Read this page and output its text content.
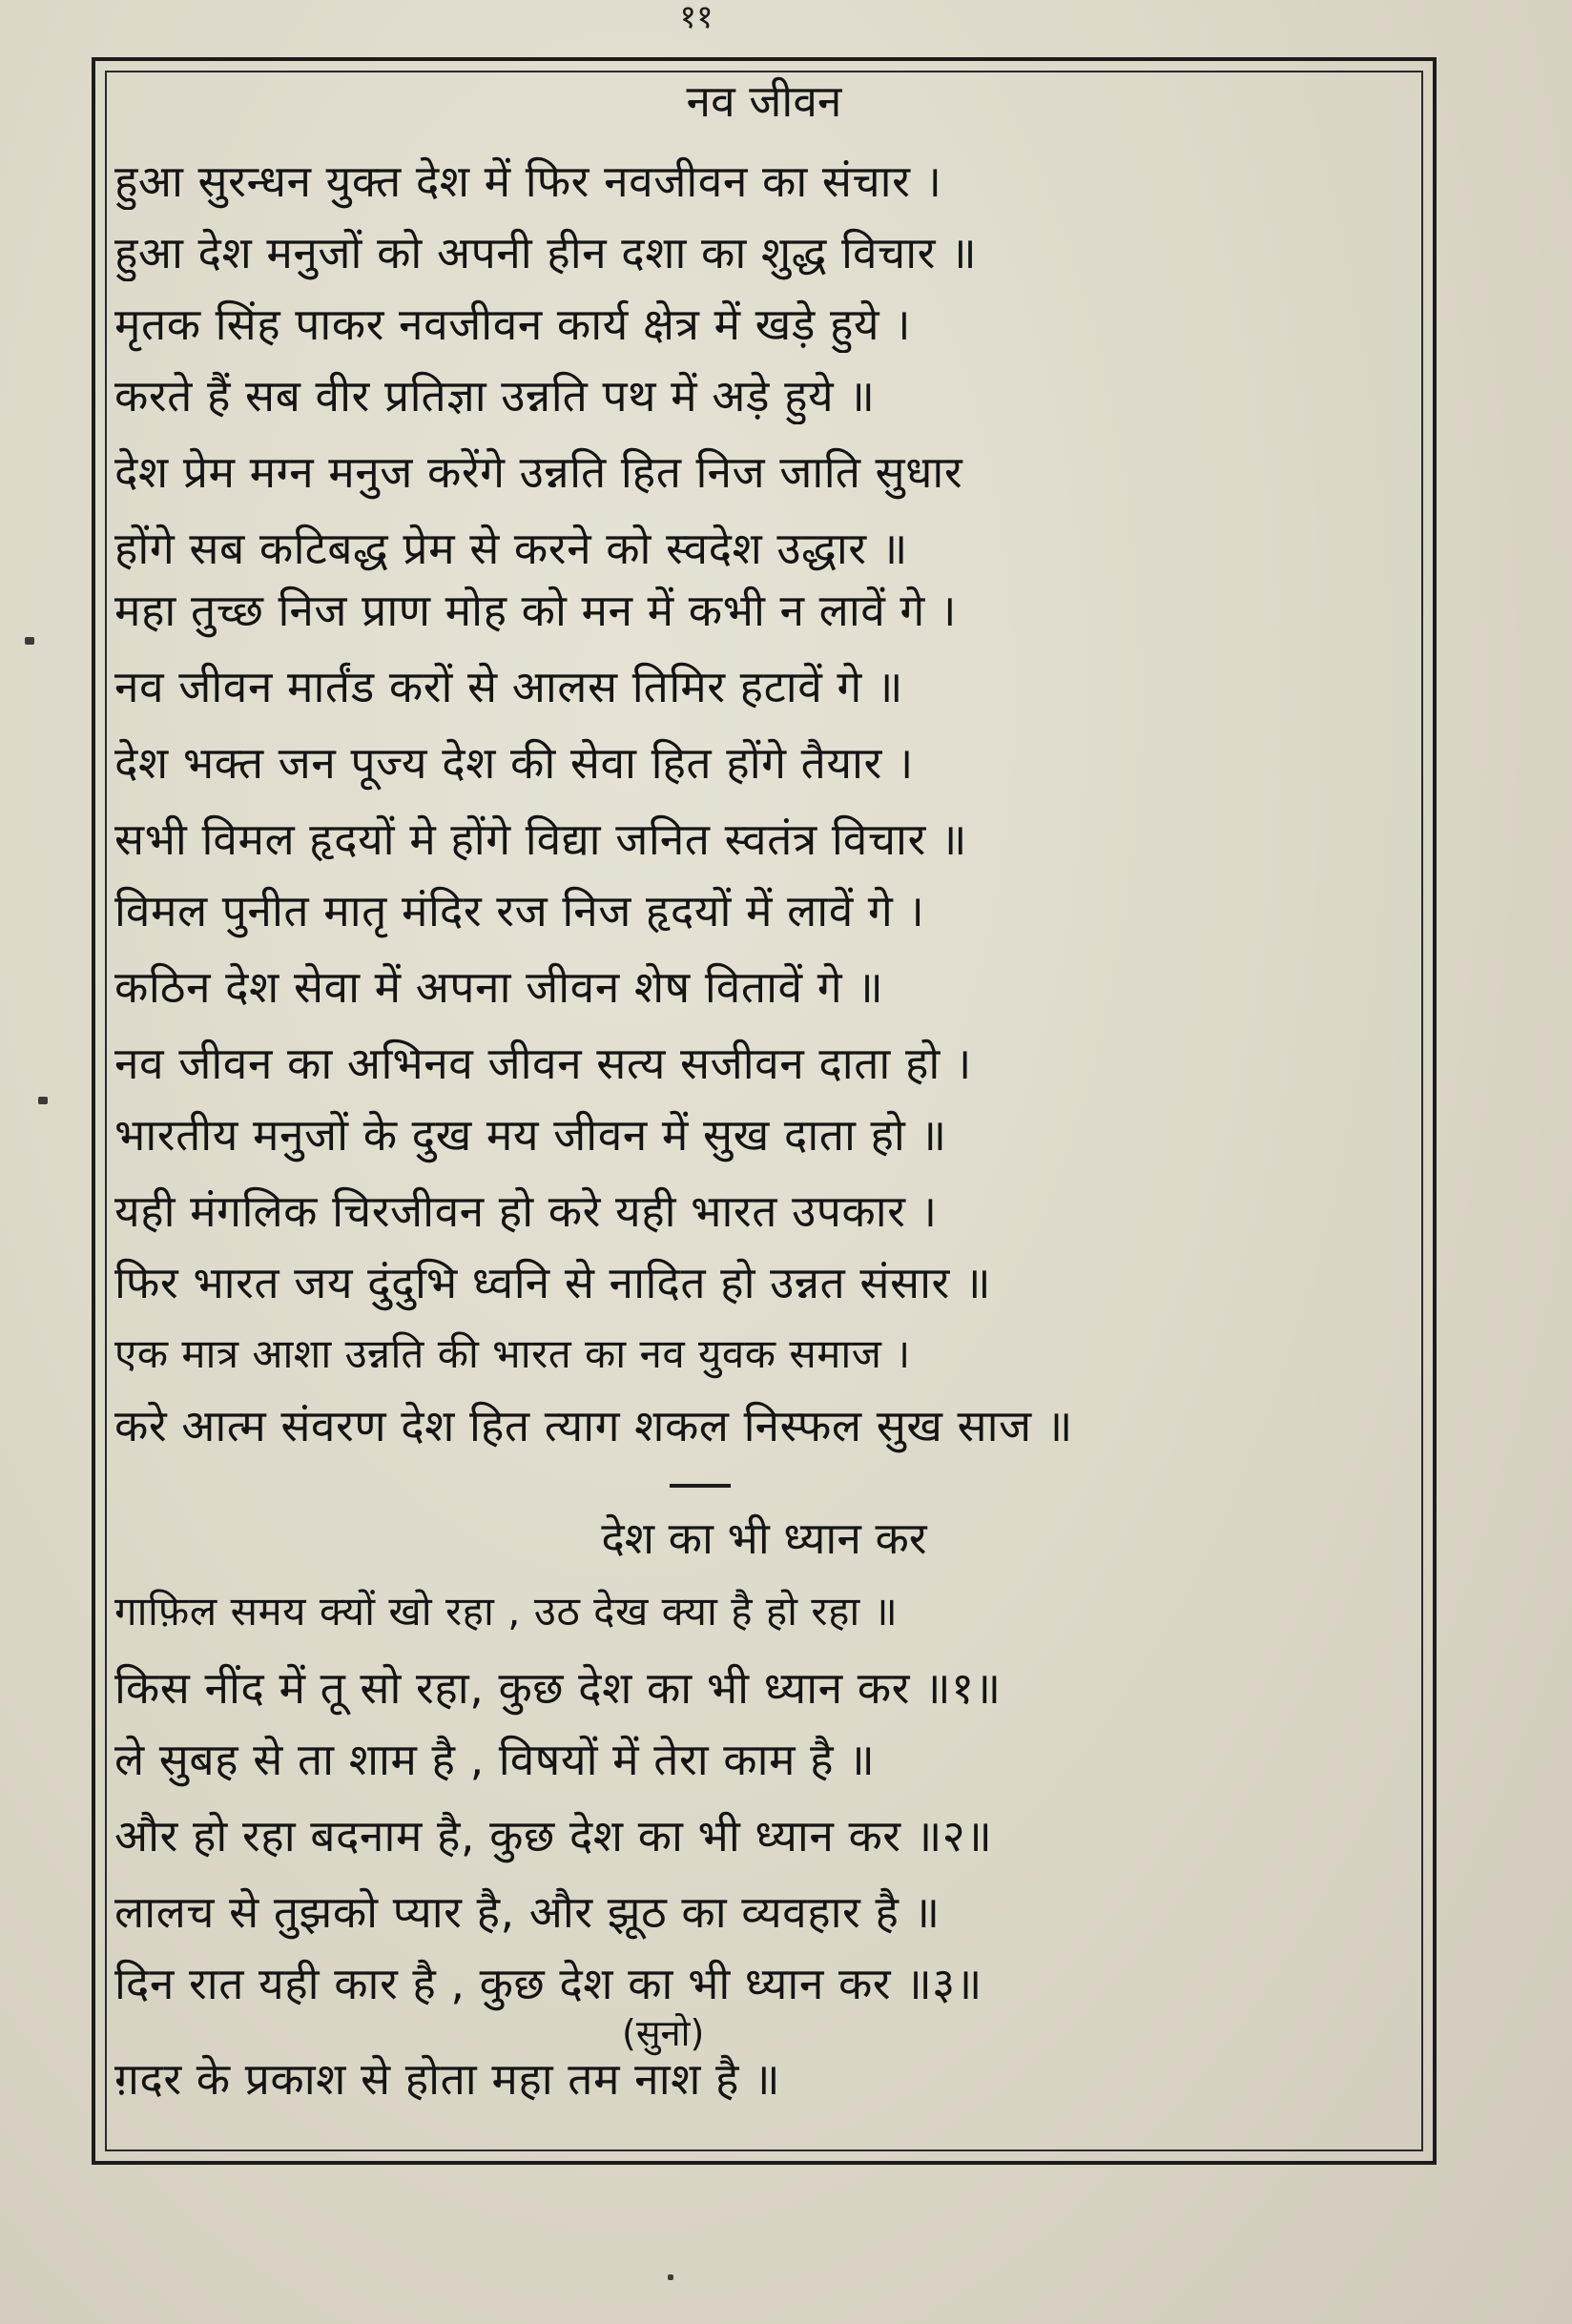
११
नव जीवन
हुआ सुरन्धन युक्त देश में फिर नवजीवन का संचार ।
हुआ देश मनुजों को अपनी हीन दशा का शुद्ध विचार ॥
मृतक सिंह पाकर नवजीवन कार्य क्षेत्र में खड़े हुये ।
करते हैं सब वीर प्रतिज्ञा उन्नति पथ में अड़े हुये ॥
देश प्रेम मग्न मनुज करेंगे उन्नति हित निज जाति सुधार
होंगे सब कटिबद्ध प्रेम से करने को स्वदेश उद्धार ॥
महा तुच्छ निज प्राण मोह को मन में कभी न लावें गे ।
नव जीवन मार्तंड करों से आलस तिमिर हटावें गे ॥
देश भक्त जन पूज्य देश की सेवा हित होंगे तैयार ।
सभी विमल हृदयों मे होंगे विद्या जनित स्वतंत्र विचार ॥
विमल पुनीत मातृ मंदिर रज निज हृदयों में लावें गे ।
कठिन देश सेवा में अपना जीवन शेष वितावें गे ॥
नव जीवन का अभिनव जीवन सत्य सजीवन दाता हो ।
भारतीय मनुजों के दुख मय जीवन में सुख दाता हो ॥
यही मंगलिक चिरजीवन हो करे यही भारत उपकार ।
फिर भारत जय दुंदुभि ध्वनि से नादित हो उन्नत संसार ॥
एक मात्र आशा उन्नति की भारत का नव युवक समाज ।
करे आत्म संवरण देश हित त्याग शकल निस्फल सुख साज ॥
देश का भी ध्यान कर
गाफ़िल समय क्यों खो रहा , उठ देख क्या है हो रहा ॥
किस नींद में तू सो रहा, कुछ देश का भी ध्यान कर ॥१॥
ले सुबह से ता शाम है , विषयों में तेरा काम है ॥
और हो रहा बदनाम है, कुछ देश का भी ध्यान कर ॥२॥
लालच से तुझको प्यार है, और झूठ का व्यवहार है ॥
दिन रात यही कार है , कुछ देश का भी ध्यान कर ॥३॥
(सुनो)
ग़दर के प्रकाश से होता महा तम नाश है ॥
